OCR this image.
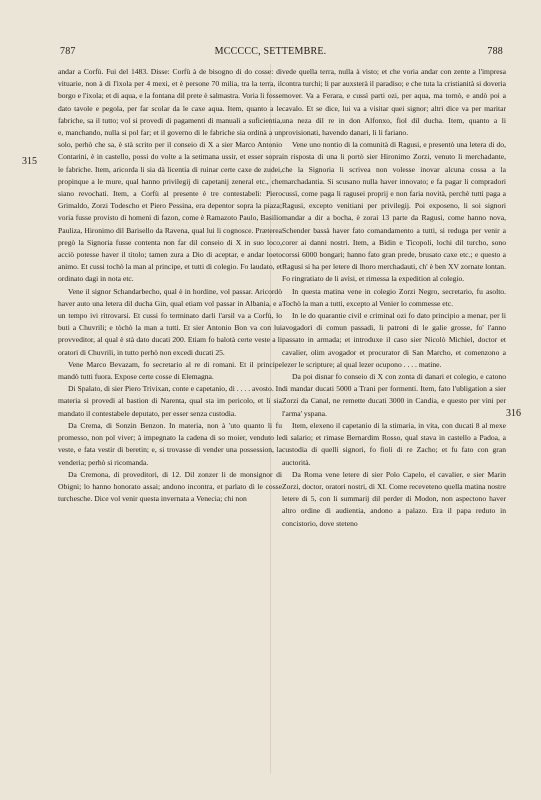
787	MCCCCC, SETTEMBRE.	788
315
316

andar a Corfù. Fui del 1483. Disse: Corfù à de bisogno di do cosse: di vituarie, non à di l'ixola per 4 mexi, et è persone 70 milia, tra la terra, il borgo e l'ixola; et di aqua, e la fontana dil prete è salmastra. Voria li fosse dato tavole e pegola, per far scolar da le caxe aqua. Item, quanto a le fabriche, sa il tutto; vol si provedi di pagamenti di manuali a suficientia, e, manchando, nulla si pol far; et il governo di le fabriche sia ordinà a un solo, perhò che sa, è stà scrito per il conseio di X a sier Marco Antonio Contarini, è in castello, possi do volte a la setimana ussir, et esser sopra le fabriche. Item, aricorda li sia dà licentia di ruinar certe caxe de zudei, propinque a le mure, qual hanno privilegij di capetanij zeneral etc., che siano revochati. Item, a Corfù al presente è tre contestabeli: Piero Grimaldo, Zorzi Todescho et Piero Pessina, era depentor sopra la piaza; voria fusse provisto di homeni di fazon, come è Ramazoto Paulo, Basilio Pauliza, Hironimo dil Barisello da Ravena, qual lui li cognosce. Præterea pregò la Signoria fusse contenta non far dil conseio di X in suo loco, acciò potesse haver il titolo; tamen zura a Dio di aceptar, e andar loeto animo. Et cussi tochò la man al principe, et tutti di colegio. Fo laudato, et ordinato dagi in nota etc.

Vene il signor Schandarbecho, qual è in hordine, vol passar. Aricordò haver auto una letera dil ducha Gin, qual etiam vol passar in Albania, e a un tempo ivi ritrovarsi. Et cussi fo terminato darli l'arsil va a Corfù, lo buti a Chuvrili; e tòchò la man a tutti. Et sier Antonio Bon va con lui provveditor, al qual è stà dato ducati 200. Etiam fo balotà certe veste a li oratori di Chuvrili, in tutto perhò non excedi ducati 25.

Vene Marco Bevazam, fo secretario al re di romani. Et il principe mandò tutti fuora. Expose certe cosse di Elemagna.

Di Spalato, di sier Piero Trivixan, conte e capetanio, di . . . . avosto. In materia si provedi al bastion di Narenta, qual sta im pericolo, et li sia mandato il contestabele deputato, per esser senza custodia.

Da Crema, di Sonzin Benzon. In materia, non à 'uto quanto li fu promesso, non pol viver; à impegnato la cadena di so moier, venduto le veste, e fata vestir di beretin; e, si trovasse di vender una possession, la venderia; perhò si ricomanda.

Da Cremona, di proveditori, di 12. Dil zonzer li de monsignor di Obigni; lo hanno honorato assai; andono incontra, et parlato di le cosse turchesche. Dice vol venir questa invernata a Venecia; chi non

vede quella terra, nulla à visto; et che voria andar con zente a l'impresa contra turchi; li par auxsterà il paradiso; e che tuta la cristianità si doveria mover. Va a Ferara, e cussì parti ozi, per aqua, ma tornò, e andò poi a cavalo. Et se dice, lui va a visitar quei signor; altri dice va per maritar una neza dil re in don Alfonxo, fiol dil ducha. Item, quanto a li provisionati, havendo danari, li li fariano.

Vene uno nontio di la comunità di Ragusi, e presentò una letera di do, in risposta di una li portò sier Hironimo Zorzi, venuto li merchadante, che la Signoria li scrivea non volesse inovar alcuna cossa a la marchadantia. Si scusano nulla haver innovato; e fa pagar li compradori cussì, come paga li ragusei proprij e non faria novità, perchè tutti paga a Ragusi, excepto venitiani per privilegij. Poi exposeno, li soi signori mandar a dir a bocha, è zorai 13 parte da Ragusi, come hanno nova, Schender bassà haver fato comandamento a tutti, si reduga per venir a corer ai danni nostri. Item, a Bidin e Ticopoli, lochi dil turcho, sono corssi 6000 bongari; hanno fato gran prede, brusato caxe etc.; e questo a Ragusi si ha per letere di lhoro merchadauti, ch' è ben XV zornate lontan. Fo ringratiato de li avisi, et rimessa la expedition al colegio.

In questa matina vene in colegio Zorzi Negro, secretario, fu asolto. Tochò la man a tutti, excepto al Venier lo commesse etc.

In le do quarantie civil e criminal ozi fo dato principio a menar, per li avogadori di comun passadi, li patroni di le galie grosse, fo' l'anno passato in armada; et introduxe il caso sier Nicolò Michiel, doctor et cavalier, olim avogador et procurator di San Marcho, et comenzono a lezer le scripture; al qual lezer ocupono . . . . matine.

Da poi disnar fo conseio di X con zonta di danari et colegio, e catono di mandar ducati 5000 a Trani per formenti. Item, fato l'ubligation a sier Zorzi da Canal, ne remette ducati 3000 in Candia, e questo per vini per l'arma' yspana.

Item, elexeno il capetanio di la stimaria, in vita, con ducati 8 al mexe di salario; et rimase Bernardim Rosso, qual stava in castello a Padoa, a custodia di quelli signori, fo fioli di re Zacho; et fu fato con gran auctorità.

Da Roma vene letere di sier Polo Capelo, el cavalier, e sier Marin Zorzi, doctor, oratori nostri, di XI. Come receveteno quella matina nostre letere di 5, con li summarij dil perder di Modon, non aspectono haver altro ordine di audientia, andono a palazo. Era il papa reduto in concistorio, dove steteno
